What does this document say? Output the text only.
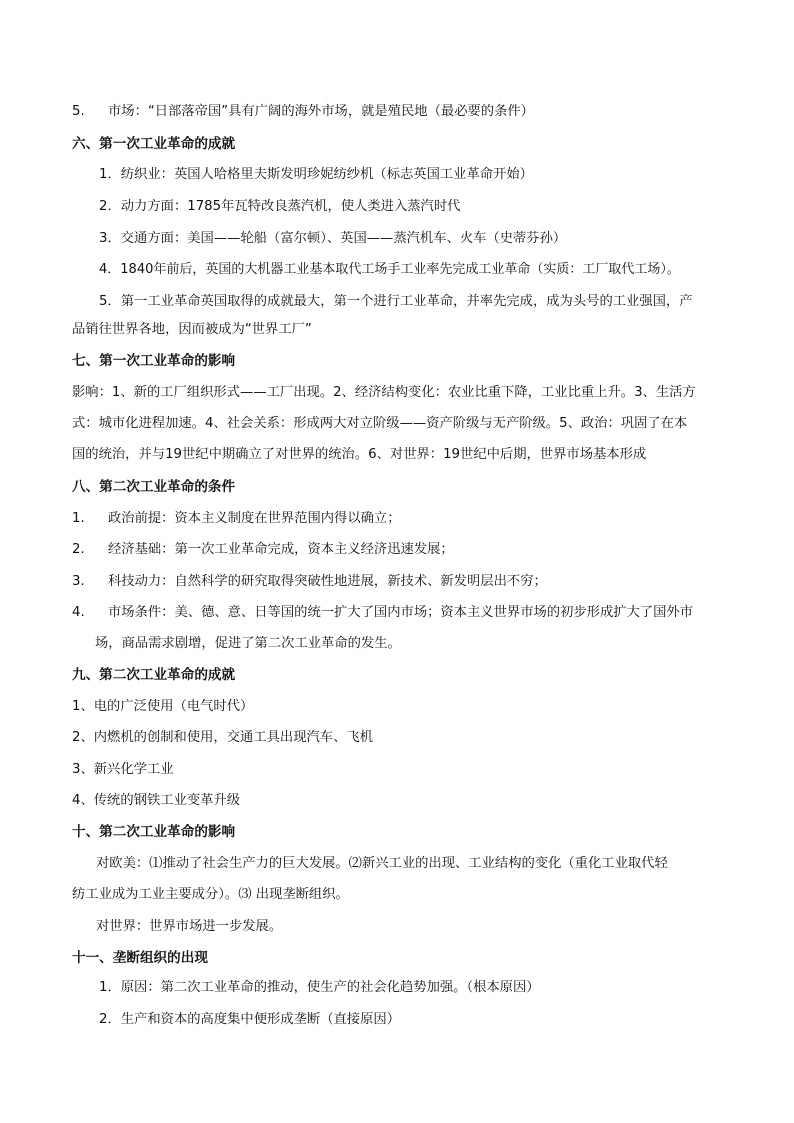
5. 市场：“日部落帝国”具有广阔的海外市场，就是殖民地（最必要的条件）
六、第一次工业革命的成就
1．纺织业：英国人哈格里夫斯发明珍妮纺纱机（标志英国工业革命开始）
2．动力方面：1785年瓦特改良蒸汽机，使人类进入蒸汽时代
3．交通方面：美国——轮船（富尔顿）、英国——蒸汽机车、火车（史蒂芬孙）
4．1840年前后，英国的大机器工业基本取代工场手工业率先完成工业革命（实质：工厂取代工场）。
5．第一工业革命英国取得的成就最大，第一个进行工业革命，并率先完成，成为头号的工业强国，产
品销往世界各地，因而被成为“世界工厂”
七、第一次工业革命的影响
影响：1、新的工厂组织形式——工厂出现。2、经济结构变化：农业比重下降，工业比重上升。3、生活方
式：城市化进程加速。4、社会关系：形成两大对立阶级——资产阶级与无产阶级。5、政治：巩固了在本
国的统治，并与19世纪中期确立了对世界的统治。6、对世界：19世纪中后期，世界市场基本形成
八、第二次工业革命的条件
1. 政治前提：资本主义制度在世界范围内得以确立；
2. 经济基础：第一次工业革命完成，资本主义经济迅速发展；
3. 科技动力：自然科学的研究取得突破性地进展，新技术、新发明层出不穷；
4. 市场条件：美、德、意、日等国的统一扩大了国内市场；资本主义世界市场的初步形成扩大了国外市
场，商品需求剧增，促进了第二次工业革命的发生。
九、第二次工业革命的成就
1、电的广泛使用（电气时代）
2、内燃机的创制和使用，交通工具出现汽车、飞机
3、新兴化学工业
4、传统的钢铁工业变革升级
十、第二次工业革命的影响
对欧美：⑴推动了社会生产力的巨大发展。⑵新兴工业的出现、工业结构的变化（重化工业取代轻
纺工业成为工业主要成分）。⑶ 出现垄断组织。
对世界：世界市场进一步发展。
十一、垄断组织的出现
1．原因：第二次工业革命的推动，使生产的社会化趋势加强。（根本原因）
2．生产和资本的高度集中便形成垄断（直接原因）
